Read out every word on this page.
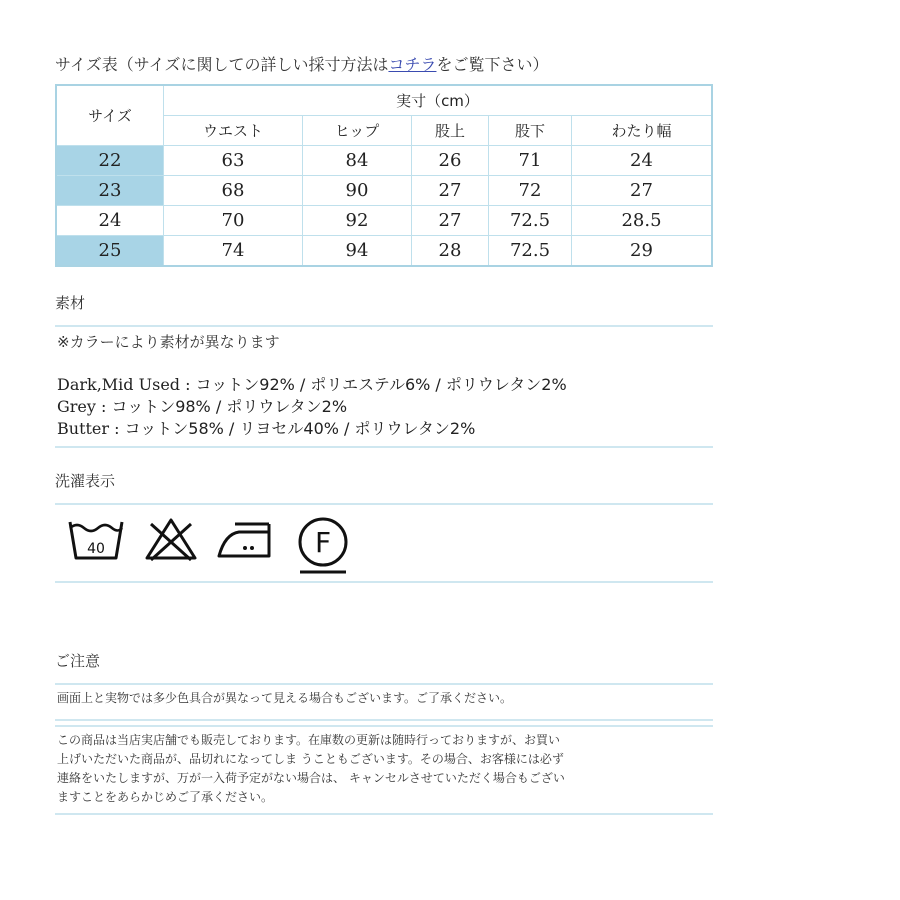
サイズ表（サイズに関しての詳しい採寸方法はコチラをご覧下さい）
サイズ	実寸（cm）				
	ウエスト	ヒップ	股上	股下	わたり幅
22	63	84	26	71	24
23	68	90	27	72	27
24	70	92	27	72.5	28.5
25	74	94	28	72.5	29
素材
※カラーにより素材が異なります
Dark,Mid Used : コットン92% / ポリエステル6% / ポリウレタン2%
Grey : コットン98% / ポリウレタン2%
Butter : コットン58% / リヨセル40% / ポリウレタン2%
洗濯表示
40	F
ご注意
画面上と実物では多少色具合が異なって見える場合もございます。ご了承ください。
この商品は当店実店舗でも販売しております。在庫数の更新は随時行っておりますが、お買い
上げいただいた商品が、品切れになってしま うこともございます。その場合、お客様には必ず
連絡をいたしますが、万が一入荷予定がない場合は、 キャンセルさせていただく場合もござい
ますことをあらかじめご了承ください。
